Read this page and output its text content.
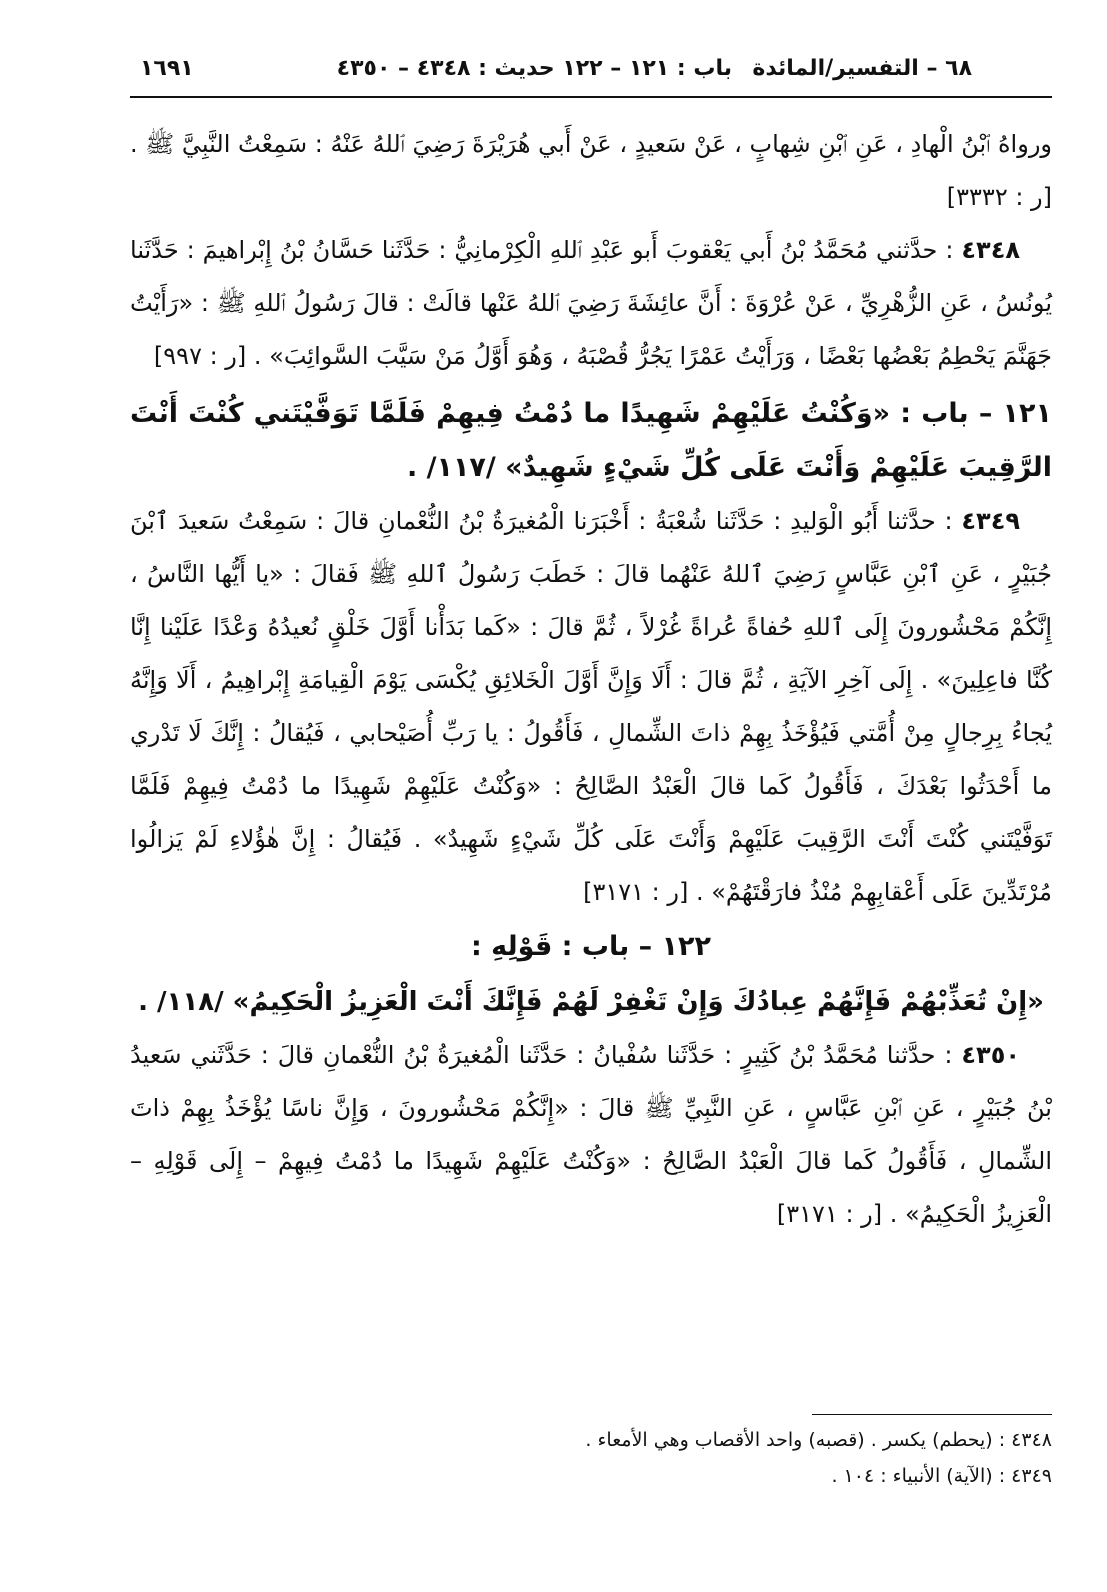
٦٨ – التفسير/المائدة
باب : ١٢١ – ١٢٢ حديث : ٤٣٤٨ – ٤٣٥٠
١٦٩١

ورواهُ ٱبْنُ الْهادِ ، عَنِ ٱبْنِ شِهابٍ ، عَنْ سَعيدٍ ، عَنْ أَبي هُرَيْرَةَ رَضِيَ ٱللهُ عَنْهُ : سَمِعْتُ النَّبِيَّ ﷺ . [ر : ٣٣٣٢]

٤٣٤٨ : حدَّثني مُحَمَّدُ بْنُ أَبي يَعْقوبَ أَبو عَبْدِ ٱللهِ الْكِرْمانِيُّ : حَدَّثَنا حَسَّانُ بْنُ إِبْراهيمَ : حَدَّثَنا يُونُسُ ، عَنِ الزُّهْرِيِّ ، عَنْ عُرْوَةَ : أَنَّ عائِشَةَ رَضِيَ ٱللهُ عَنْها قالَتْ : قالَ رَسُولُ ٱللهِ ﷺ : «رَأَيْتُ جَهَنَّمَ يَحْطِمُ بَعْضُها بَعْضًا ، وَرَأَيْتُ عَمْرًا يَجُرُّ قُصْبَهُ ، وَهُوَ أَوَّلُ مَنْ سَيَّبَ السَّوائِبَ» . [ر : ٩٩٧]

١٢١ – باب : «وَكُنْتُ عَلَيْهِمْ شَهِيدًا ما دُمْتُ فِيهِمْ فَلَمَّا تَوَفَّيْتَني كُنْتَ أَنْتَ الرَّقِيبَ عَلَيْهِمْ وَأَنْتَ عَلَى كُلِّ شَيْءٍ شَهِيدٌ» /١١٧/ .

٤٣٤٩ : حدَّثنا أَبُو الْوَليدِ : حَدَّثَنا شُعْبَةُ : أَخْبَرَنا الْمُغيرَةُ بْنُ النُّعْمانِ قالَ : سَمِعْتُ سَعيدَ ٱبْنَ جُبَيْرٍ ، عَنِ ٱبْنِ عَبَّاسٍ رَضِيَ ٱللهُ عَنْهُما قالَ : خَطَبَ رَسُولُ ٱللهِ ﷺ فَقالَ : «يا أَيُّها النَّاسُ ، إِنَّكُمْ مَحْشُورونَ إِلَى ٱللهِ حُفاةً عُراةً غُرْلاً ، ثُمَّ قالَ : «كَما بَدَأْنا أَوَّلَ خَلْقٍ نُعيدُهُ وَعْدًا عَلَيْنا إِنَّا كُنَّا فاعِلِينَ» . إِلَى آخِرِ الآيَةِ ، ثُمَّ قالَ : أَلَا وَإِنَّ أَوَّلَ الْخَلائِقِ يُكْسَى يَوْمَ الْقِيامَةِ إِبْراهِيمُ ، أَلَا وَإِنَّهُ يُجاءُ بِرِجالٍ مِنْ أُمَّتي فَيُؤْخَذُ بِهِمْ ذاتَ الشِّمالِ ، فَأَقُولُ : يا رَبِّ أُصَيْحابي ، فَيُقالُ : إِنَّكَ لَا تَدْري ما أَحْدَثُوا بَعْدَكَ ، فَأَقُولُ كَما قالَ الْعَبْدُ الصَّالِحُ : «وَكُنْتُ عَلَيْهِمْ شَهِيدًا ما دُمْتُ فِيهِمْ فَلَمَّا تَوَفَّيْتَني كُنْتَ أَنْتَ الرَّقِيبَ عَلَيْهِمْ وَأَنْتَ عَلَى كُلِّ شَيْءٍ شَهِيدٌ» . فَيُقالُ : إِنَّ هٰؤُلاءِ لَمْ يَزالُوا مُرْتَدِّينَ عَلَى أَعْقابِهِمْ مُنْذُ فارَقْتَهُمْ» . [ر : ٣١٧١]

١٢٢ – باب : قَوْلِهِ :

«إِنْ تُعَذِّبْهُمْ فَإِنَّهُمْ عِبادُكَ وَإِنْ تَغْفِرْ لَهُمْ فَإِنَّكَ أَنْتَ الْعَزِيزُ الْحَكِيمُ» /١١٨/ .

٤٣٥٠ : حدَّثنا مُحَمَّدُ بْنُ كَثِيرٍ : حَدَّثَنا سُفْيانُ : حَدَّثَنا الْمُغيرَةُ بْنُ النُّعْمانِ قالَ : حَدَّثَني سَعيدُ بْنُ جُبَيْرٍ ، عَنِ ٱبْنِ عَبَّاسٍ ، عَنِ النَّبِيِّ ﷺ قالَ : «إِنَّكُمْ مَحْشُورونَ ، وَإِنَّ ناسًا يُؤْخَذُ بِهِمْ ذاتَ الشِّمالِ ، فَأَقُولُ كَما قالَ الْعَبْدُ الصَّالِحُ : «وَكُنْتُ عَلَيْهِمْ شَهِيدًا ما دُمْتُ فِيهِمْ – إِلَى قَوْلِهِ – الْعَزِيزُ الْحَكِيمُ» . [ر : ٣١٧١]

٤٣٤٨ : (يحطم) يكسر . (قصبه) واحد الأقصاب وهي الأمعاء .

٤٣٤٩ : (الآية) الأنبياء : ١٠٤ .
